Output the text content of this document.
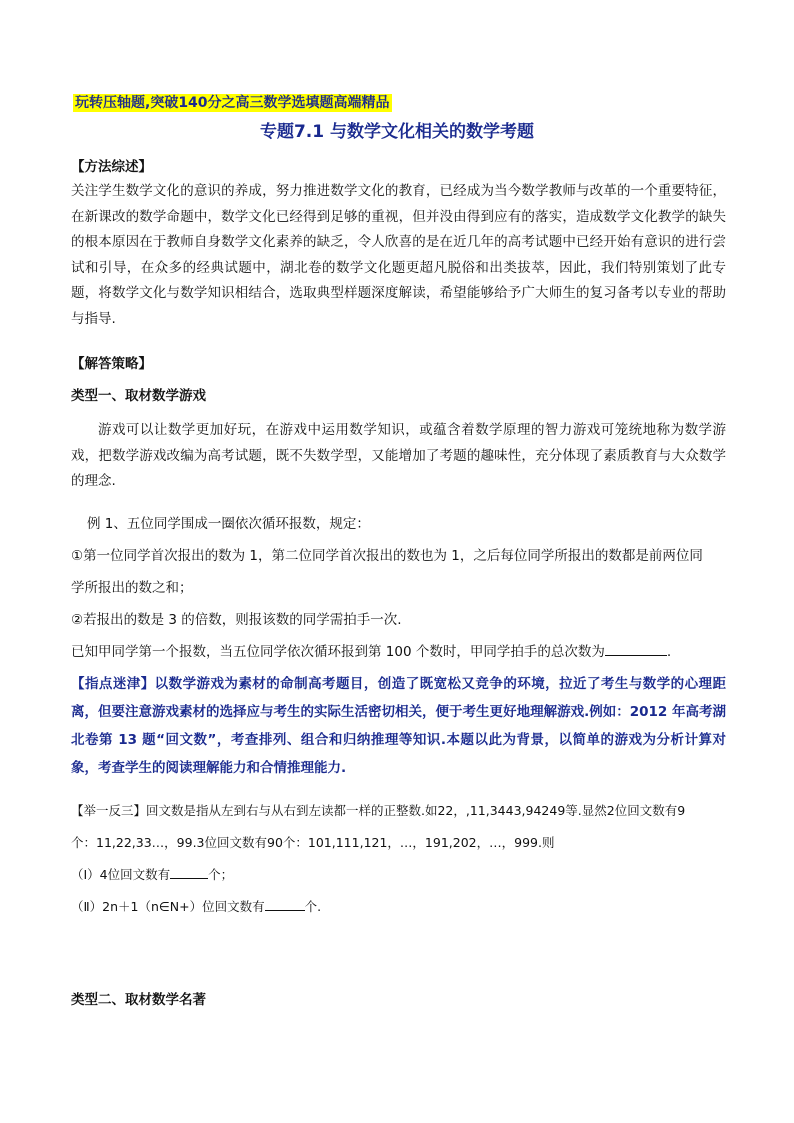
玩转压轴题,突破140分之高三数学选填题高端精品
专题7.1 与数学文化相关的数学考题
【方法综述】
关注学生数学文化的意识的养成，努力推进数学文化的教育，已经成为当今数学教师与改革的一个重要特征，在新课改的数学命题中，数学文化已经得到足够的重视，但并没由得到应有的落实，造成数学文化教学的缺失的根本原因在于教师自身数学文化素养的缺乏，令人欣喜的是在近几年的高考试题中已经开始有意识的进行尝试和引导，在众多的经典试题中，湖北卷的数学文化题更超凡脱俗和出类拔萃，因此，我们特别策划了此专题，将数学文化与数学知识相结合，选取典型样题深度解读，希望能够给予广大师生的复习备考以专业的帮助与指导.
【解答策略】
类型一、取材数学游戏
游戏可以让数学更加好玩，在游戏中运用数学知识，或蕴含着数学原理的智力游戏可笼统地称为数学游戏，把数学游戏改编为高考试题，既不失数学型，又能增加了考题的趣味性，充分体现了素质教育与大众数学的理念.
例 1、五位同学围成一圈依次循环报数，规定：
①第一位同学首次报出的数为 1，第二位同学首次报出的数也为 1，之后每位同学所报出的数都是前两位同
学所报出的数之和；
②若报出的数是 3 的倍数，则报该数的同学需拍手一次.
已知甲同学第一个报数，当五位同学依次循环报到第 100 个数时，甲同学拍手的总次数为	.
【指点迷津】以数学游戏为素材的命制高考题目，创造了既宽松又竞争的环境，拉近了考生与数学的心理距离，但要注意游戏素材的选择应与考生的实际生活密切相关，便于考生更好地理解游戏.例如：2012 年高考湖北卷第 13 题“回文数”，考查排列、组合和归纳推理等知识.本题以此为背景，以简单的游戏为分析计算对象，考查学生的阅读理解能力和合情推理能力.
【举一反三】回文数是指从左到右与从右到左读都一样的正整数.如22，,11,3443,94249等.显然2位回文数有9
个：11,22,33…，99.3位回文数有90个：101,111,121，…，191,202，…，999.则
（Ⅰ）4位回文数有	个；
（Ⅱ）2n＋1（n∈N+）位回文数有	个.
类型二、取材数学名著
